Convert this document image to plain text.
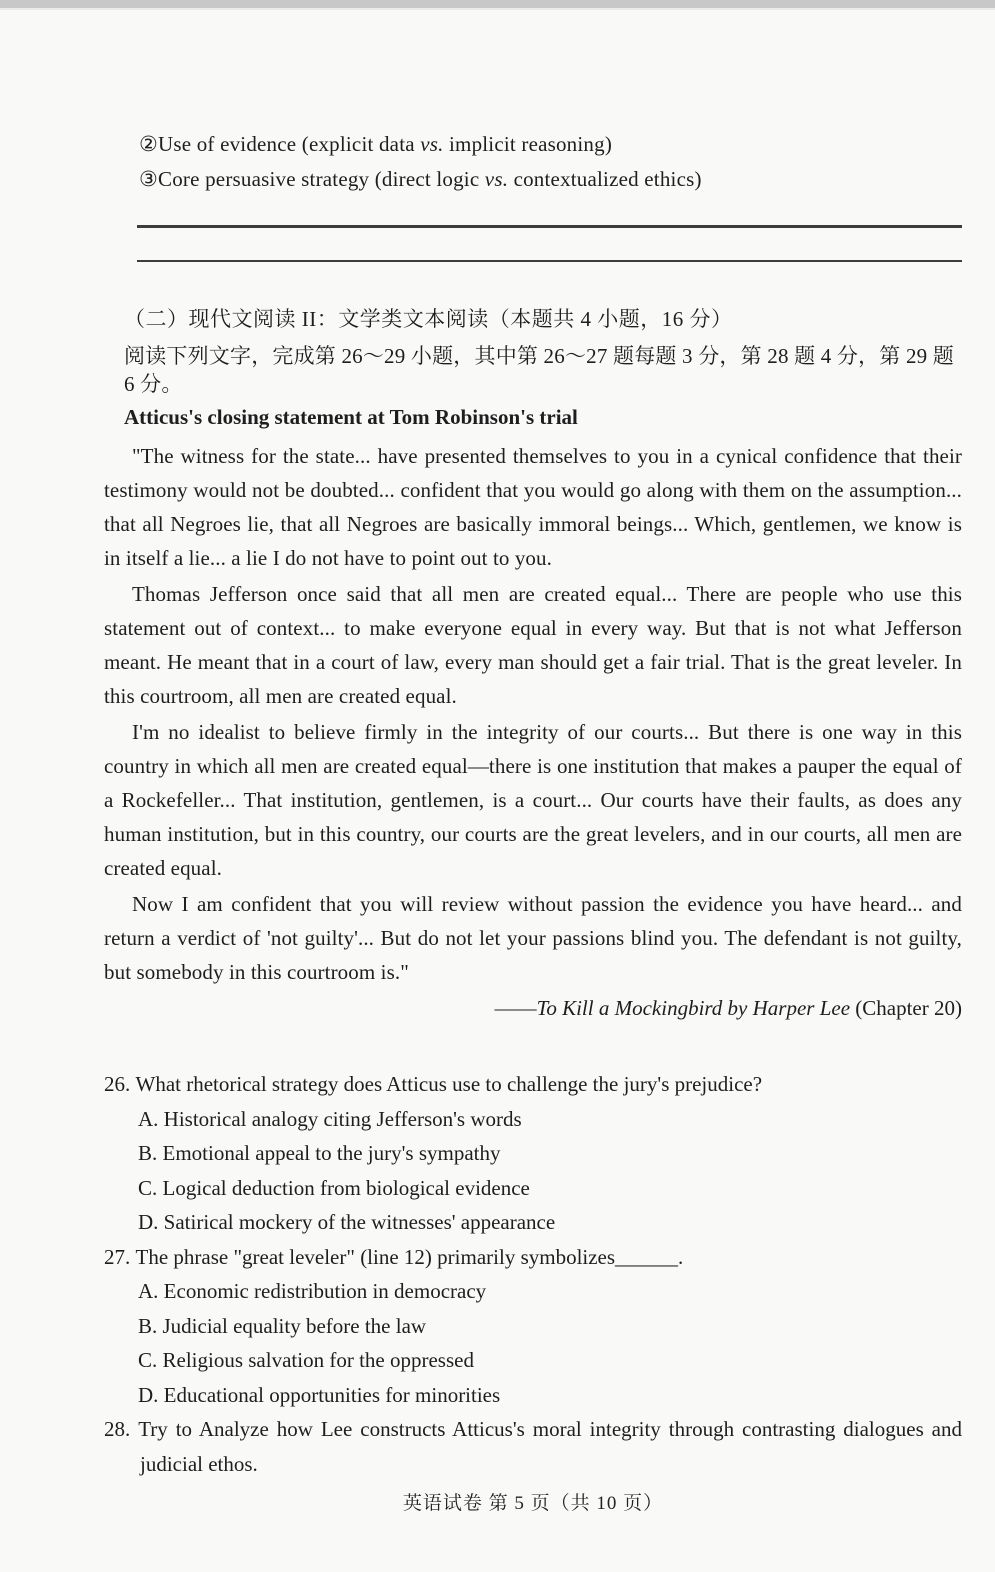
②Use of evidence (explicit data vs. implicit reasoning)

③Core persuasive strategy (direct logic vs. contextualized ethics)

（二）现代文阅读 II：文学类文本阅读（本题共 4 小题，16 分）

阅读下列文字，完成第 26～29 小题，其中第 26～27 题每题 3 分，第 28 题 4 分，第 29 题 6 分。

Atticus's closing statement at Tom Robinson's trial

"The witness for the state... have presented themselves to you in a cynical confidence that their testimony would not be doubted... confident that you would go along with them on the assumption... that all Negroes lie, that all Negroes are basically immoral beings... Which, gentlemen, we know is in itself a lie... a lie I do not have to point out to you.

Thomas Jefferson once said that all men are created equal... There are people who use this statement out of context... to make everyone equal in every way. But that is not what Jefferson meant. He meant that in a court of law, every man should get a fair trial. That is the great leveler. In this courtroom, all men are created equal.

I'm no idealist to believe firmly in the integrity of our courts... But there is one way in this country in which all men are created equal—there is one institution that makes a pauper the equal of a Rockefeller... That institution, gentlemen, is a court... Our courts have their faults, as does any human institution, but in this country, our courts are the great levelers, and in our courts, all men are created equal.

Now I am confident that you will review without passion the evidence you have heard... and return a verdict of 'not guilty'... But do not let your passions blind you. The defendant is not guilty, but somebody in this courtroom is."

——To Kill a Mockingbird by Harper Lee (Chapter 20)

26. What rhetorical strategy does Atticus use to challenge the jury's prejudice?

A. Historical analogy citing Jefferson's words

B. Emotional appeal to the jury's sympathy

C. Logical deduction from biological evidence

D. Satirical mockery of the witnesses' appearance

27. The phrase "great leveler" (line 12) primarily symbolizes______.

A. Economic redistribution in democracy

B. Judicial equality before the law

C. Religious salvation for the oppressed

D. Educational opportunities for minorities

28. Try to Analyze how Lee constructs Atticus's moral integrity through contrasting dialogues and judicial ethos.

英语试卷 第 5 页（共 10 页）
